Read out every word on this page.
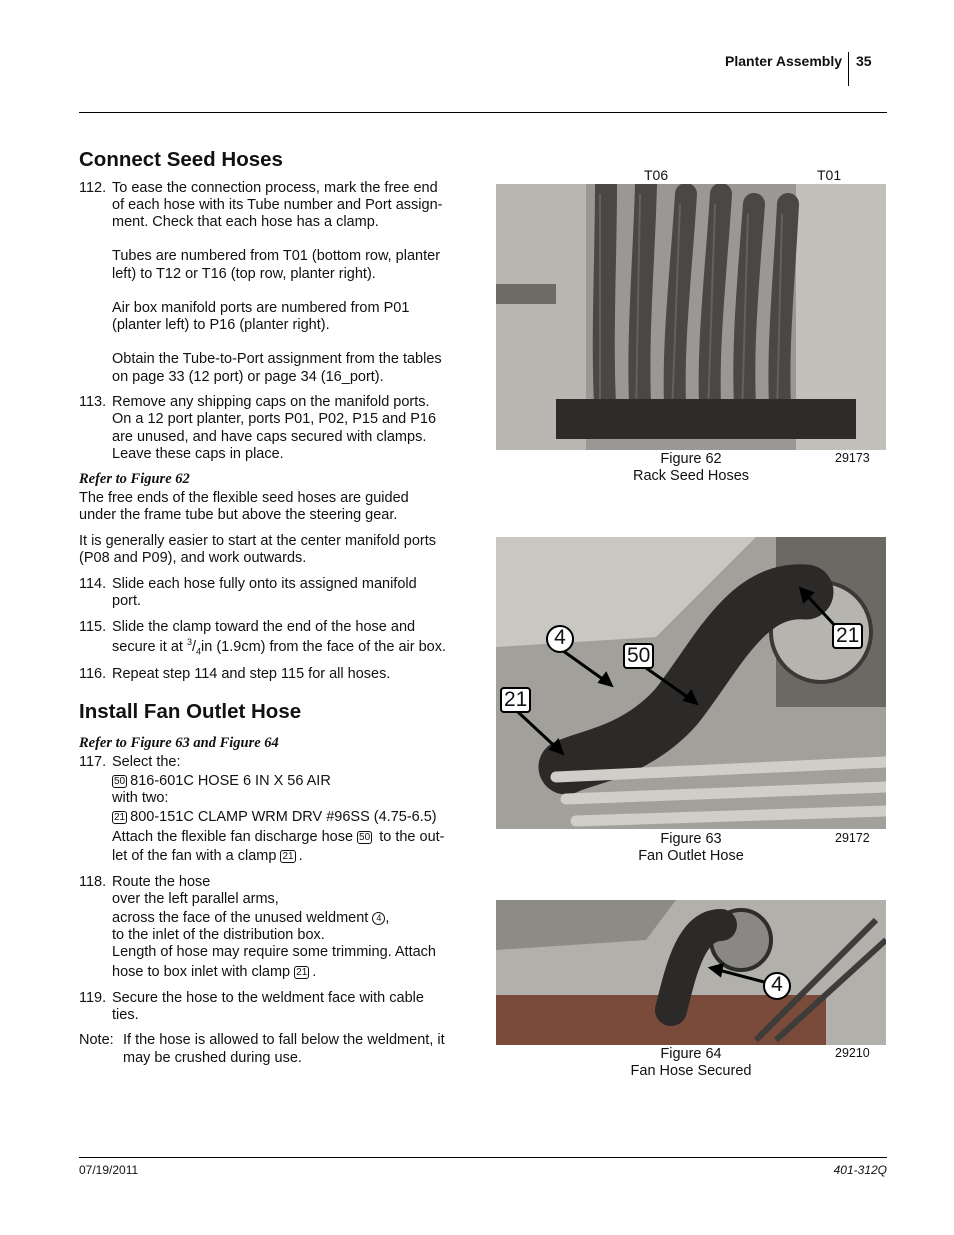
Planter Assembly 35
Connect Seed Hoses
112. To ease the connection process, mark the free end
of each hose with its Tube number and Port assign-
ment. Check that each hose has a clamp.
Tubes are numbered from T01 (bottom row, planter
left) to T12 or T16 (top row, planter right).
Air box manifold ports are numbered from P01
(planter left) to P16 (planter right).
Obtain the Tube-to-Port assignment from the tables
on page 33 (12 port) or page 34 (16_port).
113. Remove any shipping caps on the manifold ports.
On a 12 port planter, ports P01, P02, P15 and P16
are unused, and have caps secured with clamps.
Leave these caps in place.
Refer to Figure 62
The free ends of the flexible seed hoses are guided
under the frame tube but above the steering gear.
It is generally easier to start at the center manifold ports
(P08 and P09), and work outwards.
114. Slide each hose fully onto its assigned manifold
port.
115. Slide the clamp toward the end of the hose and
secure it at $^3/_4in$ (1.9cm) from the face of the air box.
116. Repeat step 114 and step 115 for all hoses.
Install Fan Outlet Hose
Refer to Figure 63 and Figure 64
117. Select the:
50 816-601C HOSE 6 IN X 56 AIR
with two:
21 800-151C CLAMP WRM DRV #96SS (4.75-6.5)
Attach the flexible fan discharge hose 50 to the out-
let of the fan with a clamp 21 .
118. Route the hose
over the left parallel arms,
across the face of the unused weldment 4 ,
to the inlet of the distribution box.
Length of hose may require some trimming. Attach
hose to box inlet with clamp 21 .
119. Secure the hose to the weldment face with cable
ties.
Note: If the hose is allowed to fall below the weldment, it
may be crushed during use.
T06	T01
Figure 62
Rack Seed Hoses
29173
21
4
50
21
Figure 63
Fan Outlet Hose
29172
4
Figure 64
Fan Hose Secured
29210
07/19/2011	401-312Q
